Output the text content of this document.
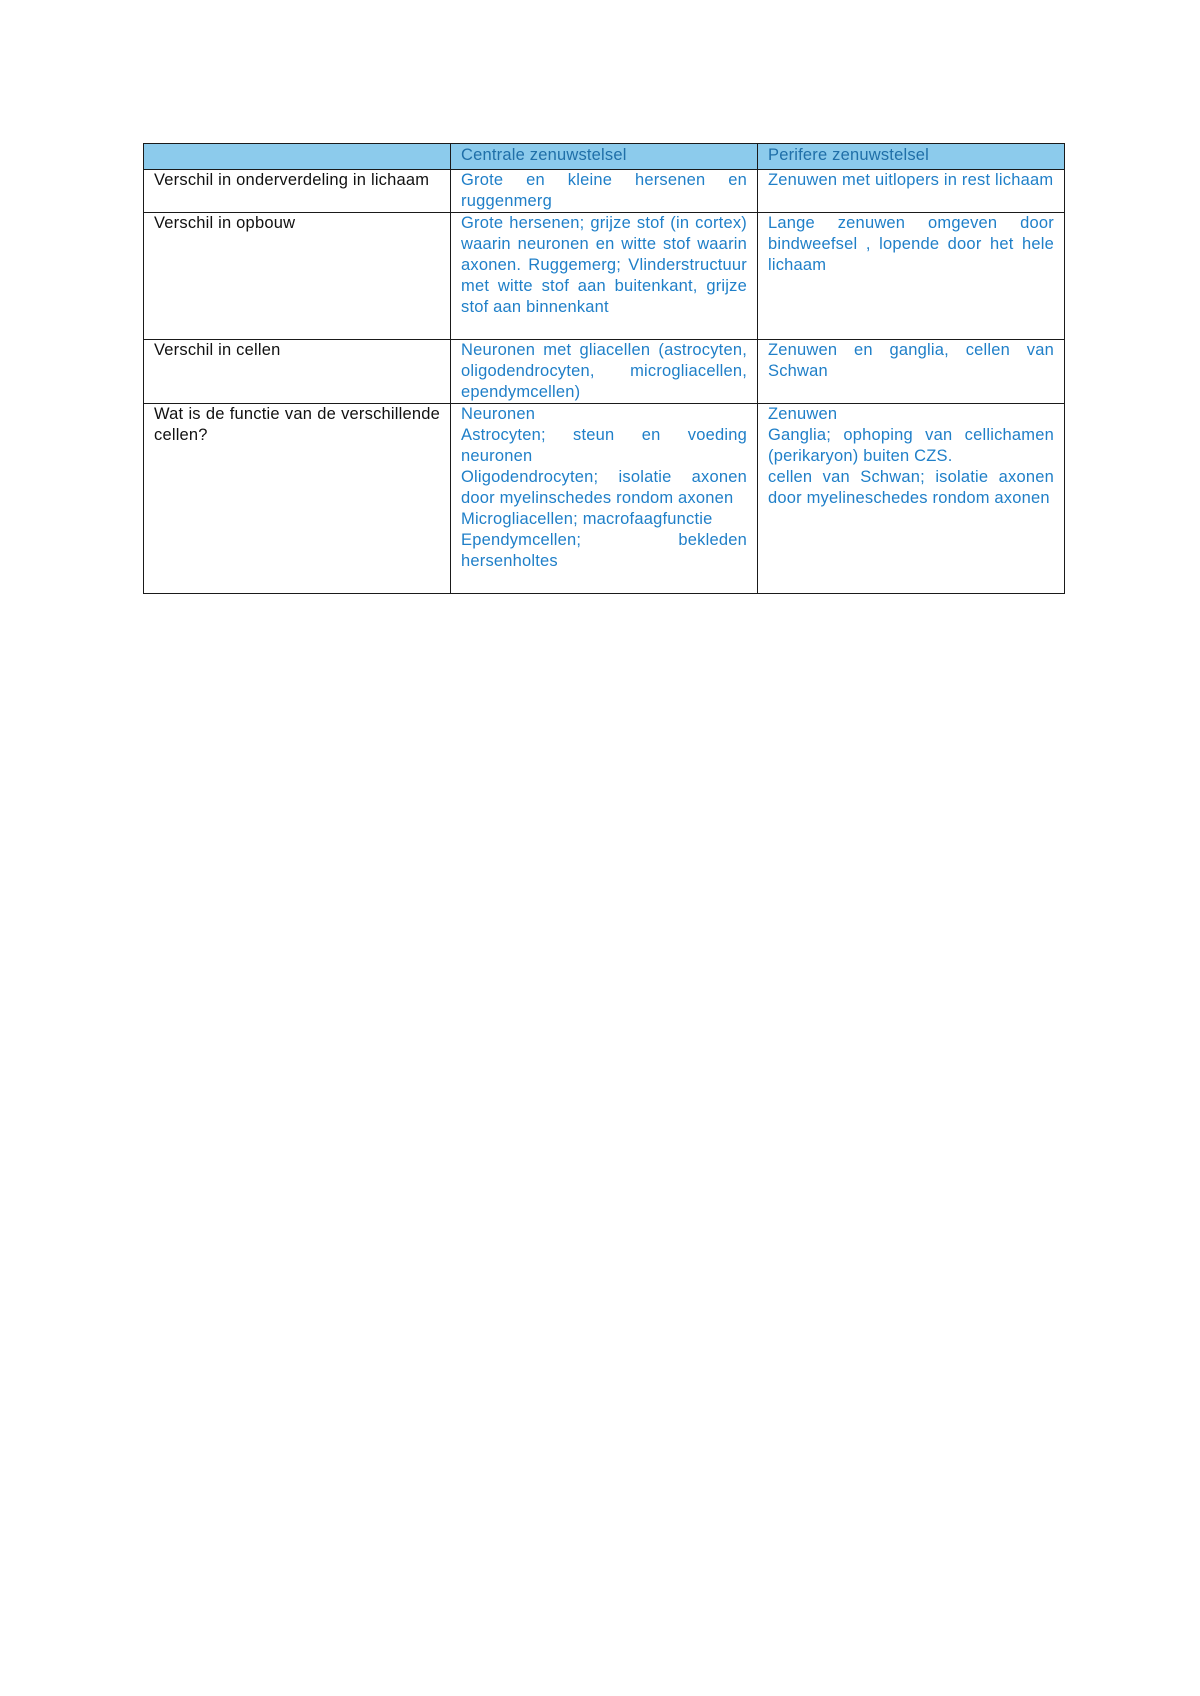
	Centrale zenuwstelsel	Perifere zenuwstelsel
Verschil in onderverdeling in lichaam	Grote en kleine hersenen en ruggenmerg	Zenuwen met uitlopers in rest lichaam

Verschil in opbouw	Grote hersenen; grijze stof (in cortex) waarin neuronen en witte stof waarin axonen. Ruggemerg; Vlinderstructuur met witte stof aan buitenkant, grijze stof aan binnenkant	Lange zenuwen omgeven door bindweefsel , lopende door het hele lichaam

Verschil in cellen	Neuronen met gliacellen (astrocyten, oligodendrocyten, microgliacellen, ependymcellen)	Zenuwen en ganglia, cellen van Schwan

Wat is de functie van de verschillende cellen?	Neuronen
Astrocyten; steun en voeding neuronen
Oligodendrocyten; isolatie axonen door myelinschedes rondom axonen
Microgliacellen; macrofaagfunctie
Ependymcellen; bekleden hersenholtes	Zenuwen
Ganglia; ophoping van cellichamen (perikaryon) buiten CZS.
cellen van Schwan; isolatie axonen door myelineschedes rondom axonen
